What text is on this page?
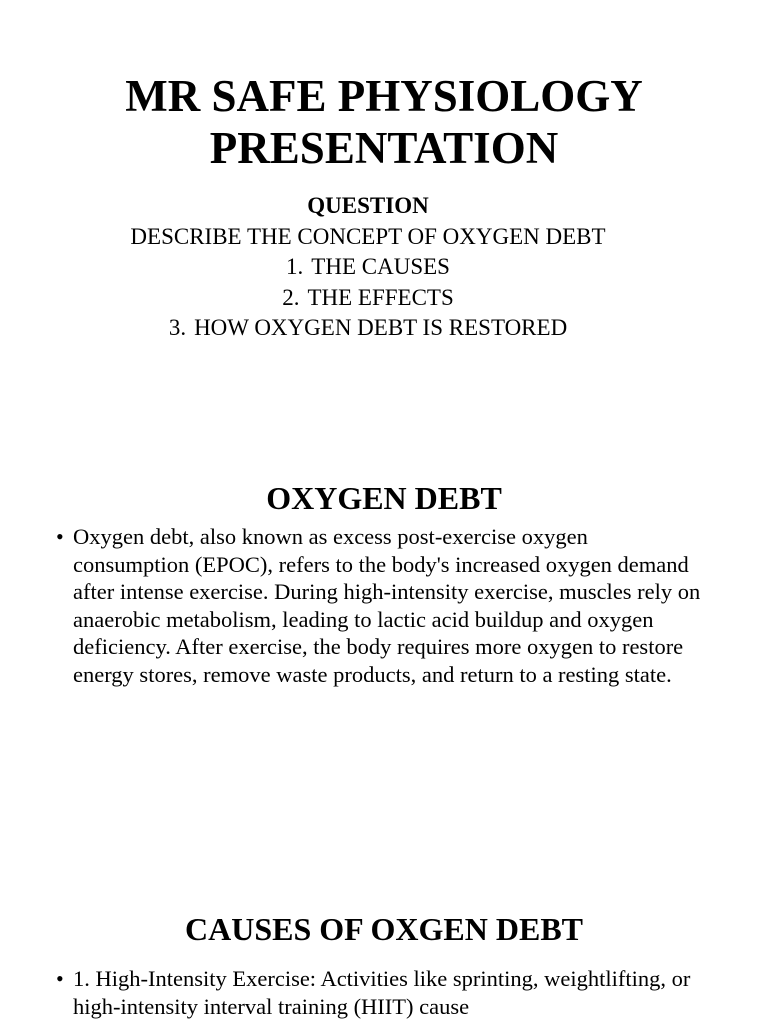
MR SAFE PHYSIOLOGY
PRESENTATION
QUESTION
DESCRIBE THE CONCEPT OF OXYGEN DEBT
1. THE CAUSES
2. THE EFFECTS
3. HOW OXYGEN DEBT IS RESTORED
OXYGEN DEBT
• Oxygen debt, also known as excess post-exercise oxygen consumption (EPOC), refers to the body's increased oxygen demand after intense exercise. During high-intensity exercise, muscles rely on anaerobic metabolism, leading to lactic acid buildup and oxygen deficiency. After exercise, the body requires more oxygen to restore energy stores, remove waste products, and return to a resting state.
CAUSES OF OXGEN DEBT
• 1. High-Intensity Exercise: Activities like sprinting, weightlifting, or high-intensity interval training (HIIT) cause
